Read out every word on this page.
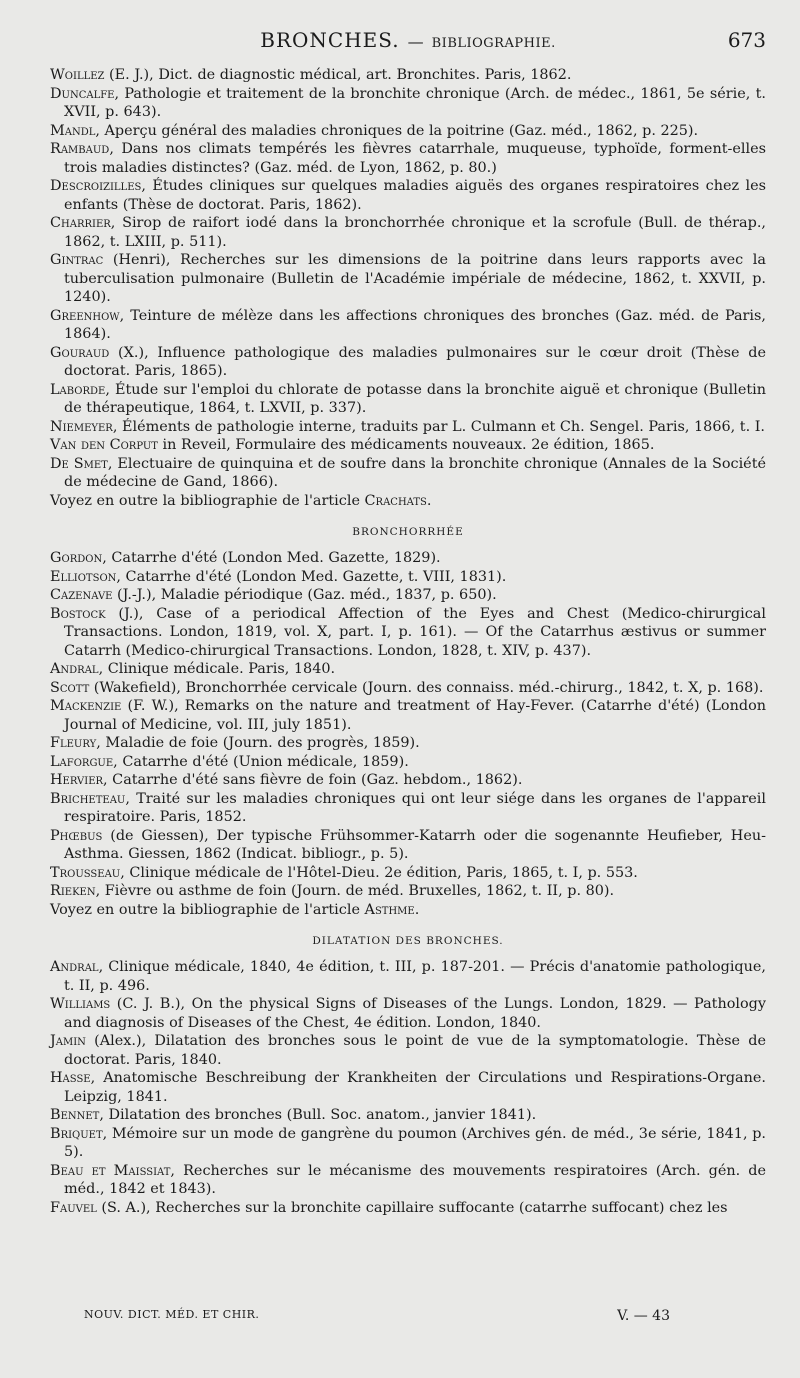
BRONCHES. — BIBLIOGRAPHIE.	673
Woillez (E. J.), Dict. de diagnostic médical, art. Bronchites. Paris, 1862.
Duncalfe, Pathologie et traitement de la bronchite chronique (Arch. de médec., 1861, 5e série, t. XVII, p. 643).
Mandl, Aperçu général des maladies chroniques de la poitrine (Gaz. méd., 1862, p. 225).
Rambaud, Dans nos climats tempérés les fièvres catarrhale, muqueuse, typhoïde, forment-elles trois maladies distinctes? (Gaz. méd. de Lyon, 1862, p. 80.)
Descroizilles, Études cliniques sur quelques maladies aiguës des organes respiratoires chez les enfants (Thèse de doctorat. Paris, 1862).
Charrier, Sirop de raifort iodé dans la bronchorrhée chronique et la scrofule (Bull. de thérap., 1862, t. LXIII, p. 511).
Gintrac (Henri), Recherches sur les dimensions de la poitrine dans leurs rapports avec la tuberculisation pulmonaire (Bulletin de l'Académie impériale de médecine, 1862, t. XXVII, p. 1240).
Greenhow, Teinture de mélèze dans les affections chroniques des bronches (Gaz. méd. de Paris, 1864).
Gouraud (X.), Influence pathologique des maladies pulmonaires sur le cœur droit (Thèse de doctorat. Paris, 1865).
Laborde, Étude sur l'emploi du chlorate de potasse dans la bronchite aiguë et chronique (Bulletin de thérapeutique, 1864, t. LXVII, p. 337).
Niemeyer, Éléments de pathologie interne, traduits par L. Culmann et Ch. Sengel. Paris, 1866, t. I.
Van den Corput in Reveil, Formulaire des médicaments nouveaux. 2e édition, 1865.
De Smet, Electuaire de quinquina et de soufre dans la bronchite chronique (Annales de la Société de médecine de Gand, 1866).
Voyez en outre la bibliographie de l'article Crachats.
BRONCHORRHÉE
Gordon, Catarrhe d'été (London Med. Gazette, 1829).
Elliotson, Catarrhe d'été (London Med. Gazette, t. VIII, 1831).
Cazenave (J.-J.), Maladie périodique (Gaz. méd., 1837, p. 650).
Bostock (J.), Case of a periodical Affection of the Eyes and Chest (Medico-chirurgical Transactions. London, 1819, vol. X, part. I, p. 161). — Of the Catarrhus æstivus or summer Catarrh (Medico-chirurgical Transactions. London, 1828, t. XIV, p. 437).
Andral, Clinique médicale. Paris, 1840.
Scott (Wakefield), Bronchorrhée cervicale (Journ. des connaiss. méd.-chirurg., 1842, t. X, p. 168).
Mackenzie (F. W.), Remarks on the nature and treatment of Hay-Fever. (Catarrhe d'été) (London Journal of Medicine, vol. III, july 1851).
Fleury, Maladie de foie (Journ. des progrès, 1859).
Laforgue, Catarrhe d'été (Union médicale, 1859).
Hervier, Catarrhe d'été sans fièvre de foin (Gaz. hebdom., 1862).
Bricheteau, Traité sur les maladies chroniques qui ont leur siége dans les organes de l'appareil respiratoire. Paris, 1852.
Phœbus (de Giessen), Der typische Frühsommer-Katarrh oder die sogenannte Heufieber, Heu-Asthma. Giessen, 1862 (Indicat. bibliogr., p. 5).
Trousseau, Clinique médicale de l'Hôtel-Dieu. 2e édition, Paris, 1865, t. I, p. 553.
Rieken, Fièvre ou asthme de foin (Journ. de méd. Bruxelles, 1862, t. II, p. 80).
Voyez en outre la bibliographie de l'article Asthme.
DILATATION DES BRONCHES.
Andral, Clinique médicale, 1840, 4e édition, t. III, p. 187-201. — Précis d'anatomie pathologique, t. II, p. 496.
Williams (C. J. B.), On the physical Signs of Diseases of the Lungs. London, 1829. — Pathology and diagnosis of Diseases of the Chest, 4e édition. London, 1840.
Jamin (Alex.), Dilatation des bronches sous le point de vue de la symptomatologie. Thèse de doctorat. Paris, 1840.
Hasse, Anatomische Beschreibung der Krankheiten der Circulations und Respirations-Organe. Leipzig, 1841.
Bennet, Dilatation des bronches (Bull. Soc. anatom., janvier 1841).
Briquet, Mémoire sur un mode de gangrène du poumon (Archives gén. de méd., 3e série, 1841, p. 5).
Beau et Maissiat, Recherches sur le mécanisme des mouvements respiratoires (Arch. gén. de méd., 1842 et 1843).
Fauvel (S. A.), Recherches sur la bronchite capillaire suffocante (catarrhe suffocant) chez les
NOUV. DICT. MÉD. ET CHIR.	V. — 43
